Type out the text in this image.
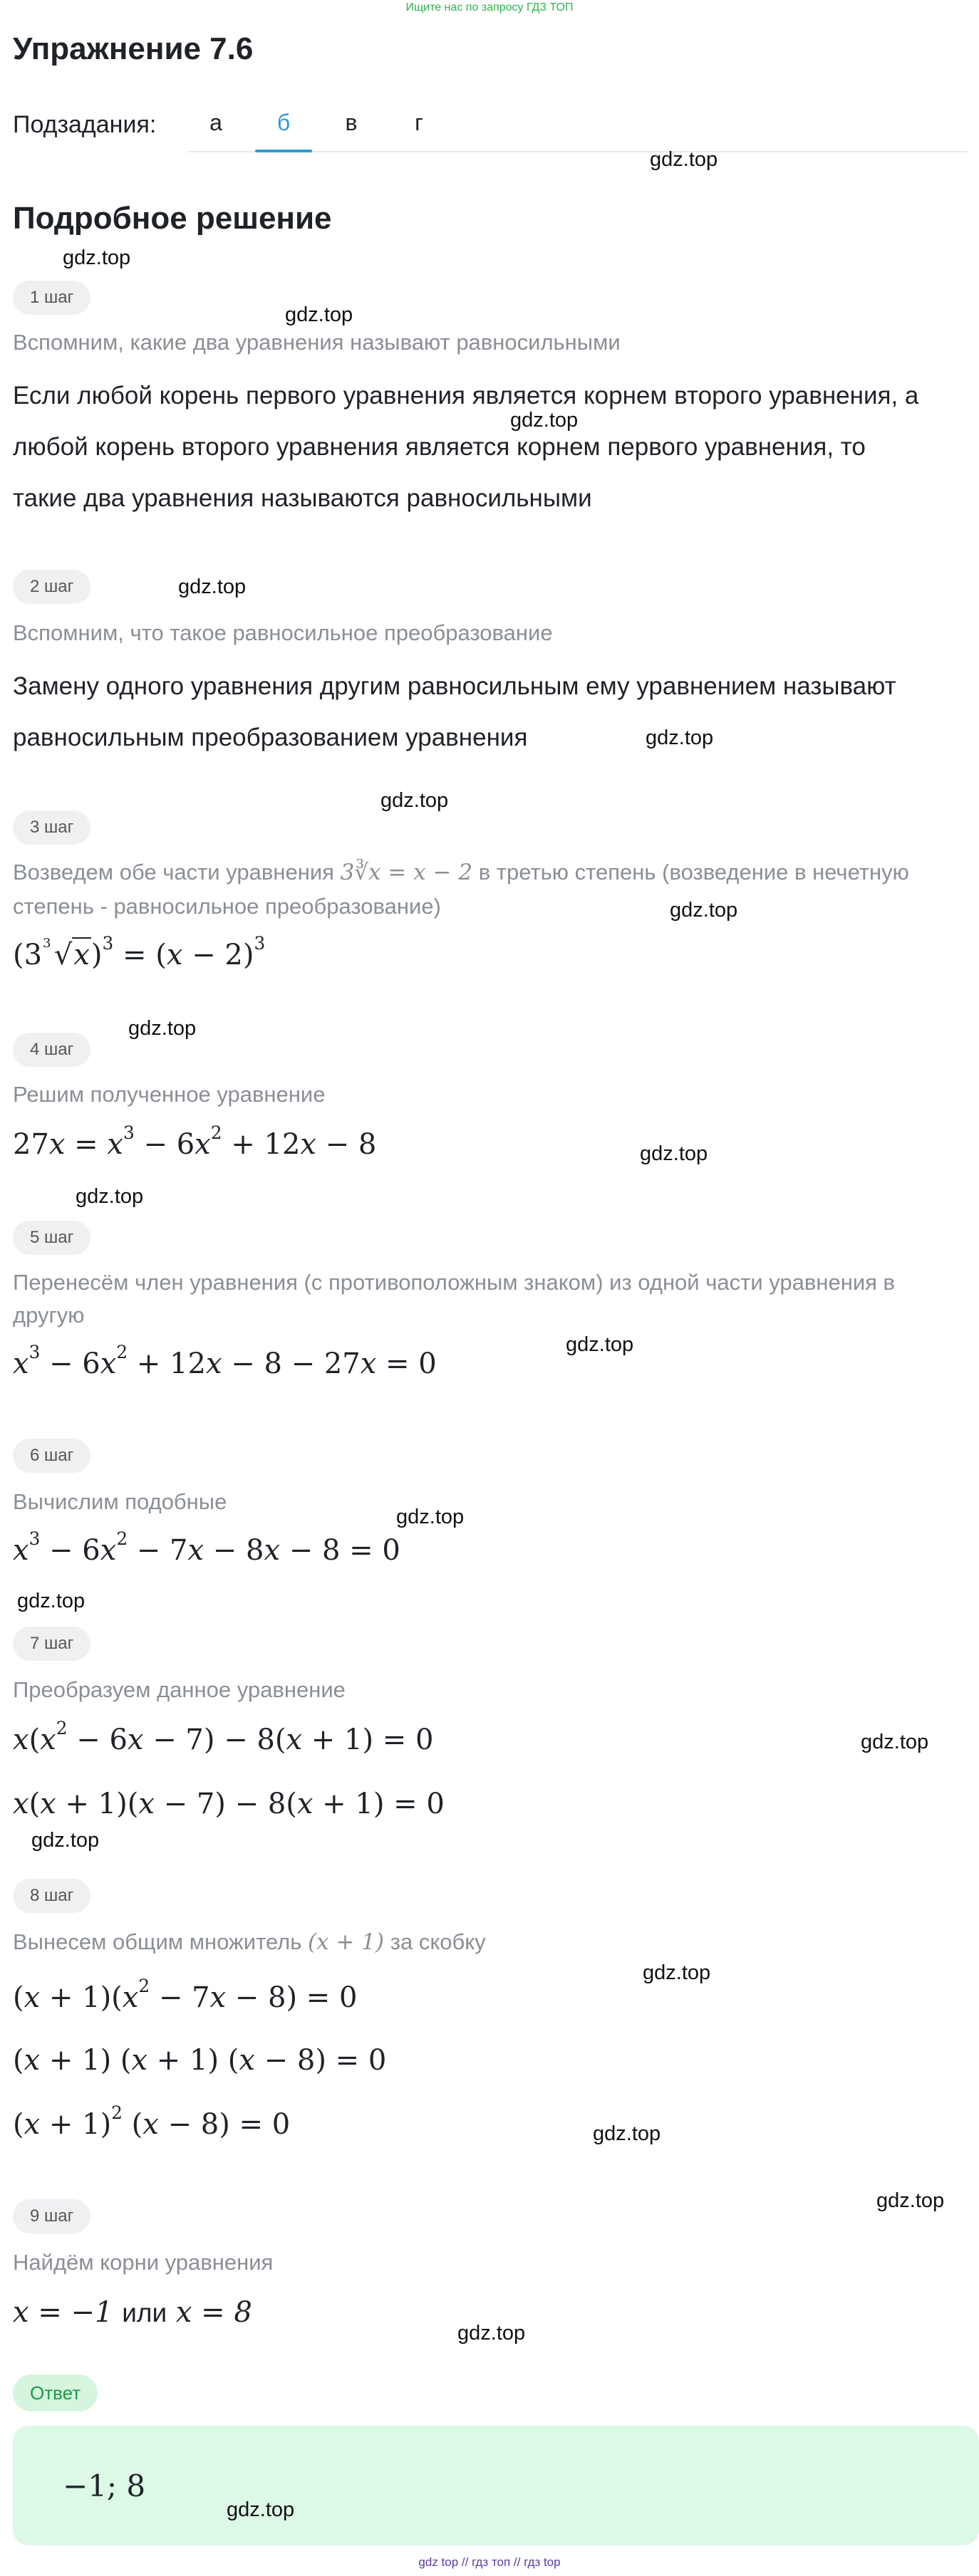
Ищите нас по запросу ГДЗ ТОП
Упражнение 7.6
Подзадания:	а	б	в	г
Подробное решение
1 шаг
Вспомним, какие два уравнения называют равносильными
Если любой корень первого уравнения является корнем второго уравнения, а
любой корень второго уравнения является корнем первого уравнения, то
такие два уравнения называются равносильными
2 шаг
Вспомним, что такое равносильное преобразование
Замену одного уравнения другим равносильным ему уравнением называют
равносильным преобразованием уравнения
3 шаг
Возведем обе части уравнения 3∛x = x − 2 в третью степень (возведение в нечетную
степень - равносильное преобразование)
(3 3 $√x)^3 = (x - 2)^3$
4 шаг
Решим полученное уравнение
$27x = x^3 - 6x^2 + 12x - 8$
5 шаг
Перенесём член уравнения (с противоположным знаком) из одной части уравнения в
другую
$x^3 - 6x^2 + 12x - 8 - 27x = 0$
6 шаг
Вычислим подобные
$x^3 - 6x^2 - 7x - 8x - 8 = 0$
7 шаг
Преобразуем данное уравнение
$x(x^2 - 6x - 7) - 8(x + 1) = 0$
x(x + 1)(x − 7) − 8(x + 1) = 0
8 шаг
Вынесем общим множитель (x + 1) за скобку
$(x + 1)(x^2 - 7x - 8) = 0$
(x + 1) (x + 1) (x − 8) = 0
$(x + 1)^2$ (x − 8) = 0
9 шаг
Найдём корни уравнения
x = −1 или x = 8
Ответ
−1; 8
gdz.top
gdz.top
gdz.top
gdz.top
gdz.top
gdz.top
gdz.top
gdz.top
gdz.top
gdz.top
gdz.top
gdz.top
gdz.top
gdz.top
gdz.top
gdz.top
gdz.top
gdz.top
gdz.top
gdz.top
gdz.top
gdz top // гдз топ // гдз top
